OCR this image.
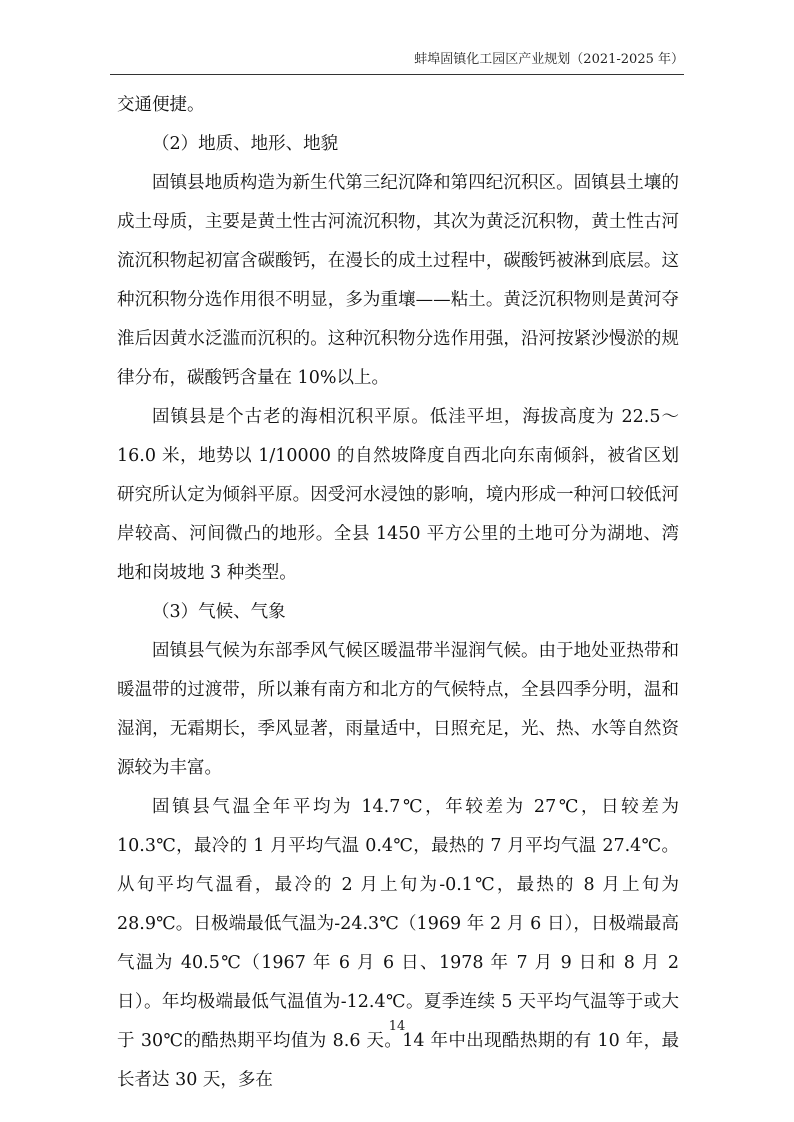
蚌埠固镇化工园区产业规划（2021-2025 年）

交通便捷。

（2）地质、地形、地貌

固镇县地质构造为新生代第三纪沉降和第四纪沉积区。固镇县土壤的成土母质，主要是黄土性古河流沉积物，其次为黄泛沉积物，黄土性古河流沉积物起初富含碳酸钙，在漫长的成土过程中，碳酸钙被淋到底层。这种沉积物分选作用很不明显，多为重壤——粘土。黄泛沉积物则是黄河夺淮后因黄水泛滥而沉积的。这种沉积物分选作用强，沿河按紧沙慢淤的规律分布，碳酸钙含量在 10%以上。

固镇县是个古老的海相沉积平原。低洼平坦，海拔高度为 22.5～16.0 米，地势以 1/10000 的自然坡降度自西北向东南倾斜，被省区划研究所认定为倾斜平原。因受河水浸蚀的影响，境内形成一种河口较低河岸较高、河间微凸的地形。全县 1450 平方公里的土地可分为湖地、湾地和岗坡地 3 种类型。

（3）气候、气象

固镇县气候为东部季风气候区暖温带半湿润气候。由于地处亚热带和暖温带的过渡带，所以兼有南方和北方的气候特点，全县四季分明，温和湿润，无霜期长，季风显著，雨量适中，日照充足，光、热、水等自然资源较为丰富。

固镇县气温全年平均为 14.7℃，年较差为 27℃，日较差为 10.3℃，最冷的 1 月平均气温 0.4℃，最热的 7 月平均气温 27.4℃。从旬平均气温看，最冷的 2 月上旬为-0.1℃，最热的 8 月上旬为 28.9℃。日极端最低气温为-24.3℃（1969 年 2 月 6 日），日极端最高气温为 40.5℃（1967 年 6 月 6 日、1978 年 7 月 9 日和 8 月 2 日）。年均极端最低气温值为-12.4℃。夏季连续 5 天平均气温等于或大于 30℃的酷热期平均值为 8.6 天。14 年中出现酷热期的有 10 年，最长者达 30 天，多在

14
